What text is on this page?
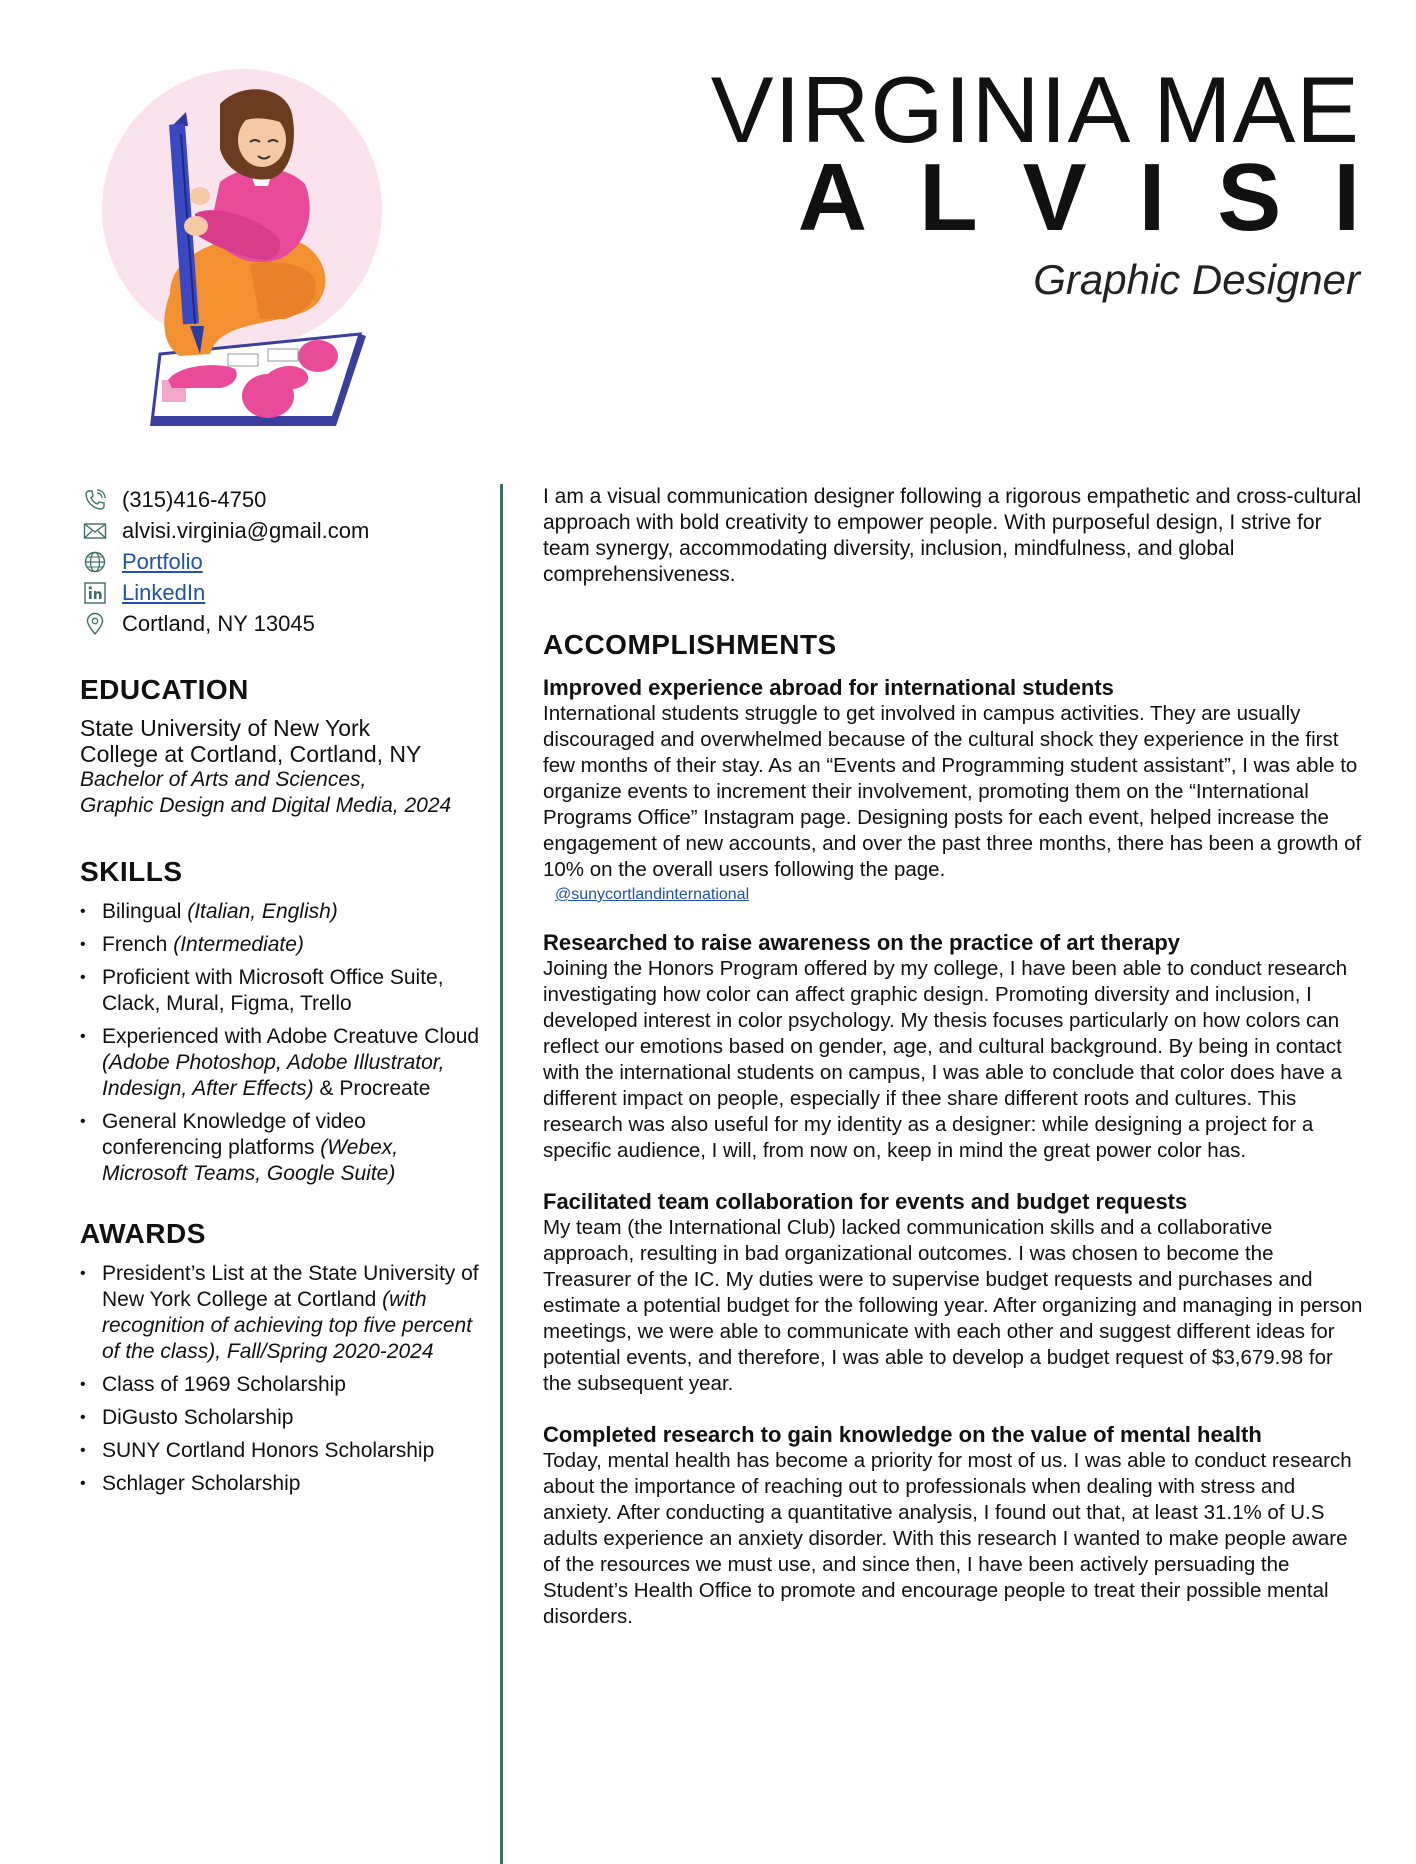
VIRGINIA MAE
ALVISI
Graphic Designer
(315)416-4750
alvisi.virginia@gmail.com
Portfolio
LinkedIn
Cortland, NY 13045
EDUCATION
State University of New York
College at Cortland, Cortland, NY
Bachelor of Arts and Sciences,
Graphic Design and Digital Media, 2024
SKILLS
• Bilingual (Italian, English)
• French (Intermediate)
• Proficient with Microsoft Office Suite, Clack, Mural, Figma, Trello
• Experienced with Adobe Creatuve Cloud (Adobe Photoshop, Adobe Illustrator, Indesign, After Effects) & Procreate
• General Knowledge of video conferencing platforms (Webex, Microsoft Teams, Google Suite)
AWARDS
• President’s List at the State University of New York College at Cortland (with recognition of achieving top five percent of the class), Fall/Spring 2020-2024
• Class of 1969 Scholarship
• DiGusto Scholarship
• SUNY Cortland Honors Scholarship
• Schlager Scholarship

I am a visual communication designer following a rigorous empathetic and cross-cultural approach with bold creativity to empower people. With purposeful design, I strive for team synergy, accommodating diversity, inclusion, mindfulness, and global comprehensiveness.

ACCOMPLISHMENTS
Improved experience abroad for international students

International students struggle to get involved in campus activities. They are usually discouraged and overwhelmed because of the cultural shock they experience in the first few months of their stay. As an “Events and Programming student assistant”, I was able to organize events to increment their involvement, promoting them on the “International Programs Office” Instagram page. Designing posts for each event, helped increase the engagement of new accounts, and over the past three months, there has been a growth of 10% on the overall users following the page.

@sunycortlandinternational
Researched to raise awareness on the practice of art therapy

Joining the Honors Program offered by my college, I have been able to conduct research investigating how color can affect graphic design. Promoting diversity and inclusion, I developed interest in color psychology. My thesis focuses particularly on how colors can reflect our emotions based on gender, age, and cultural background. By being in contact with the international students on campus, I was able to conclude that color does have a different impact on people, especially if thee share different roots and cultures. This research was also useful for my identity as a designer: while designing a project for a specific audience, I will, from now on, keep in mind the great power color has.

Facilitated team collaboration for events and budget requests

My team (the International Club) lacked communication skills and a collaborative approach, resulting in bad organizational outcomes. I was chosen to become the Treasurer of the IC. My duties were to supervise budget requests and purchases and estimate a potential budget for the following year. After organizing and managing in person meetings, we were able to communicate with each other and suggest different ideas for potential events, and therefore, I was able to develop a budget request of $3,679.98 for the subsequent year.

Completed research to gain knowledge on the value of mental health

Today, mental health has become a priority for most of us. I was able to conduct research about the importance of reaching out to professionals when dealing with stress and anxiety. After conducting a quantitative analysis, I found out that, at least 31.1% of U.S adults experience an anxiety disorder. With this research I wanted to make people aware of the resources we must use, and since then, I have been actively persuading the Student’s Health Office to promote and encourage people to treat their possible mental disorders.
